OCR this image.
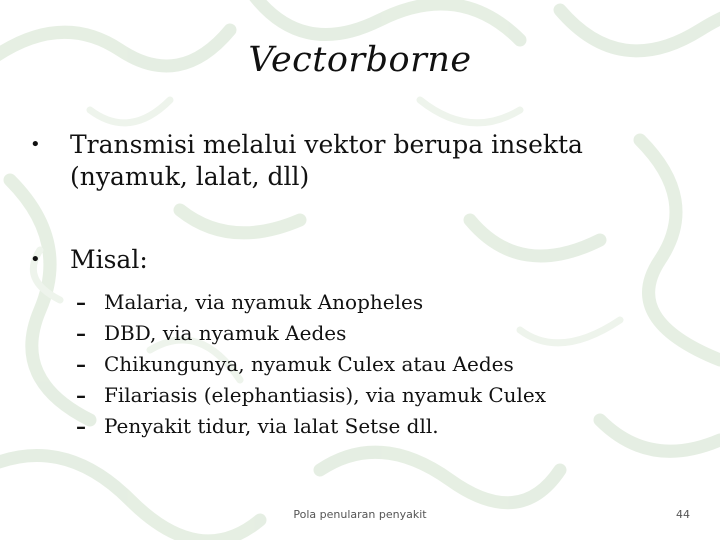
Vectorborne
• Transmisi melalui vektor berupa insekta (nyamuk, lalat, dll)
• Misal:
– Malaria, via nyamuk Anopheles
– DBD, via nyamuk Aedes
– Chikungunya, nyamuk Culex atau Aedes
– Filariasis (elephantiasis), via nyamuk Culex
– Penyakit tidur, via lalat Setse dll.
Pola penularan penyakit	44
